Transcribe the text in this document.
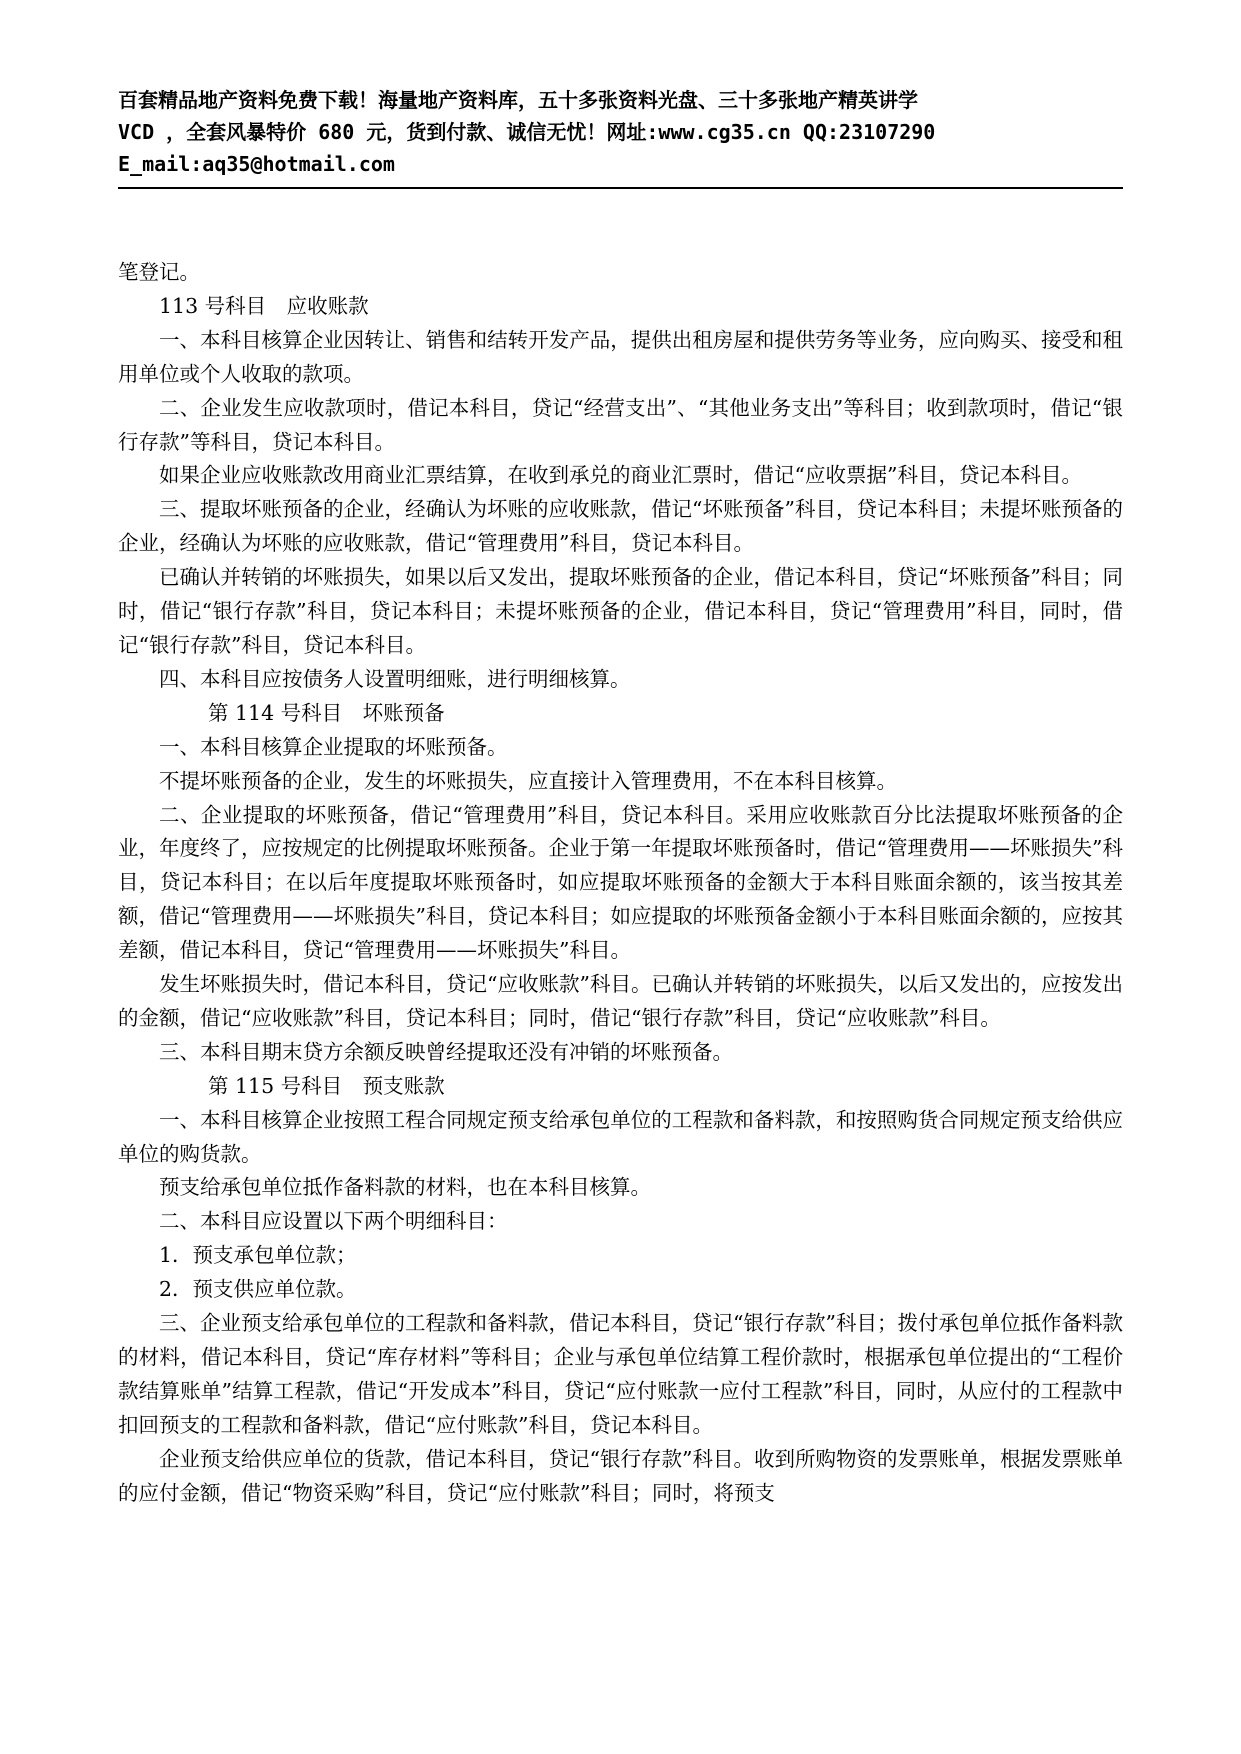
百套精品地产资料免费下载！海量地产资料库，五十多张资料光盘、三十多张地产精英讲学
VCD ，全套风暴特价 680 元，货到付款、诚信无忧！网址:www.cg35.cn QQ:23107290
E_mail:aq35@hotmail.com

笔登记。

113 号科目　应收账款

一、本科目核算企业因转让、销售和结转开发产品，提供出租房屋和提供劳务等业务，应向购买、接受和租用单位或个人收取的款项。

二、企业发生应收款项时，借记本科目，贷记“经营支出”、“其他业务支出”等科目；收到款项时，借记“银行存款”等科目，贷记本科目。

如果企业应收账款改用商业汇票结算，在收到承兑的商业汇票时，借记“应收票据”科目，贷记本科目。

三、提取坏账预备的企业，经确认为坏账的应收账款，借记“坏账预备”科目，贷记本科目；未提坏账预备的企业，经确认为坏账的应收账款，借记“管理费用”科目，贷记本科目。

已确认并转销的坏账损失，如果以后又发出，提取坏账预备的企业，借记本科目，贷记“坏账预备”科目；同时，借记“银行存款”科目，贷记本科目；未提坏账预备的企业，借记本科目，贷记“管理费用”科目，同时，借记“银行存款”科目，贷记本科目。

四、本科目应按债务人设置明细账，进行明细核算。

第 114 号科目　坏账预备

一、本科目核算企业提取的坏账预备。

不提坏账预备的企业，发生的坏账损失，应直接计入管理费用，不在本科目核算。

二、企业提取的坏账预备，借记“管理费用”科目，贷记本科目。采用应收账款百分比法提取坏账预备的企业，年度终了，应按规定的比例提取坏账预备。企业于第一年提取坏账预备时，借记“管理费用——坏账损失”科目，贷记本科目；在以后年度提取坏账预备时，如应提取坏账预备的金额大于本科目账面余额的，该当按其差额，借记“管理费用——坏账损失”科目，贷记本科目；如应提取的坏账预备金额小于本科目账面余额的，应按其差额，借记本科目，贷记“管理费用——坏账损失”科目。

发生坏账损失时，借记本科目，贷记“应收账款”科目。已确认并转销的坏账损失，以后又发出的，应按发出的金额，借记“应收账款”科目，贷记本科目；同时，借记“银行存款”科目，贷记“应收账款”科目。

三、本科目期末贷方余额反映曾经提取还没有冲销的坏账预备。

第 115 号科目　预支账款

一、本科目核算企业按照工程合同规定预支给承包单位的工程款和备料款，和按照购货合同规定预支给供应单位的购货款。

预支给承包单位抵作备料款的材料，也在本科目核算。

二、本科目应设置以下两个明细科目：

1．预支承包单位款；

2．预支供应单位款。

三、企业预支给承包单位的工程款和备料款，借记本科目，贷记“银行存款”科目；拨付承包单位抵作备料款的材料，借记本科目，贷记“库存材料”等科目；企业与承包单位结算工程价款时，根据承包单位提出的“工程价款结算账单”结算工程款，借记“开发成本”科目，贷记“应付账款一应付工程款”科目，同时，从应付的工程款中扣回预支的工程款和备料款，借记“应付账款”科目，贷记本科目。

企业预支给供应单位的货款，借记本科目，贷记“银行存款”科目。收到所购物资的发票账单，根据发票账单的应付金额，借记“物资采购”科目，贷记“应付账款”科目；同时，将预支
